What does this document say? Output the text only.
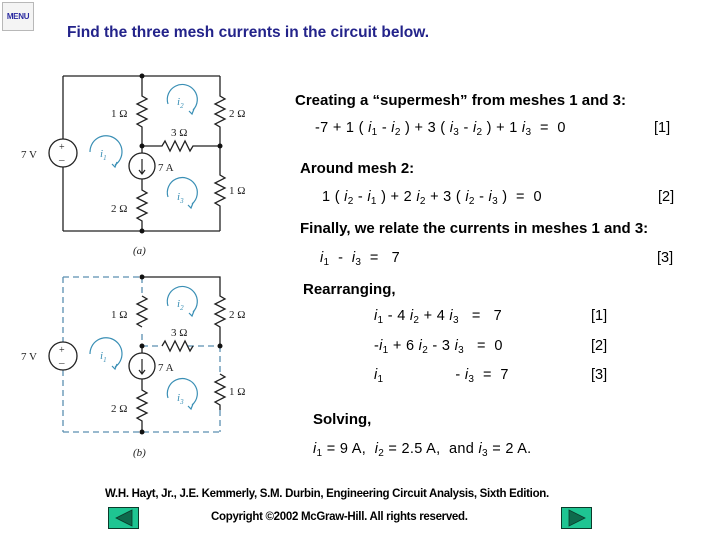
MENU
Find the three mesh currents in the circuit below.
+
–
7 V
7 A
1 Ω	2 Ω
3 Ω
2 Ω
1 Ω
(a)
$i_1$
$i_2$
$i_3$
+
–
7 V
7 A
1 Ω	2 Ω
3 Ω
2 Ω
1 Ω
(b)
$i_1$
$i_2$
$i_3$
Creating a “supermesh” from meshes 1 and 3:
-7 + 1 ( $i_1 - i_2$ ) + 3 ( $i_3 - i_2$ ) + 1 $i_3 = 0$	[1]
Around mesh 2:
1 ( $i_2 - i_1$ ) + 2 $i_2 + 3$ ( $i_2 - i_3$ )  =  0	[2]
Finally, we relate the currents in meshes 1 and 3:
$i_1 - i_3 = 7$	[3]
Rearranging,
$i_1 - 4$ $i_2 + 4$ $i_3 = 7$	[1]
$-i_1 + 6$ $i_2 - 3$ $i_3 = 0$	[2]
$i_1$	- $i_3 = 7$	[3]
Solving,
$i_1 = 9$ A,  $i_2 = 2.5$ A,  and $i_3 = 2$ A.
W.H. Hayt, Jr., J.E. Kemmerly, S.M. Durbin, Engineering Circuit Analysis, Sixth Edition.
Copyright ©2002 McGraw-Hill. All rights reserved.
